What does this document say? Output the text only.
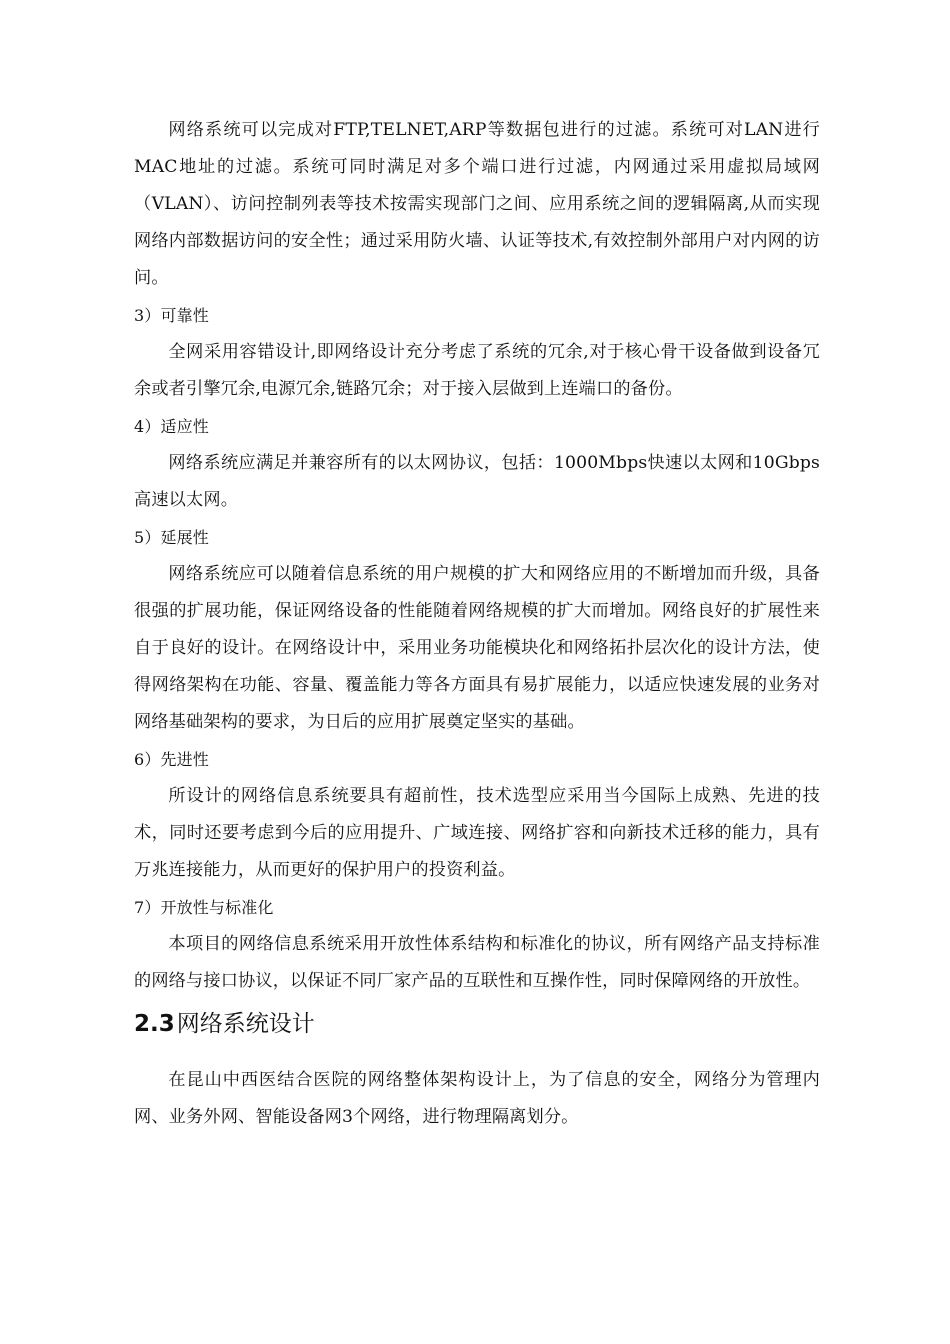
网络系统可以完成对FTP,TELNET,ARP等数据包进行的过滤。系统可对LAN进行MAC地址的过滤。系统可同时满足对多个端口进行过滤，内网通过采用虚拟局域网（VLAN）、访问控制列表等技术按需实现部门之间、应用系统之间的逻辑隔离,从而实现网络内部数据访问的安全性；通过采用防火墙、认证等技术,有效控制外部用户对内网的访问。

3）可靠性

全网采用容错设计,即网络设计充分考虑了系统的冗余,对于核心骨干设备做到设备冗余或者引擎冗余,电源冗余,链路冗余；对于接入层做到上连端口的备份。

4）适应性

网络系统应满足并兼容所有的以太网协议，包括：1000Mbps快速以太网和10Gbps高速以太网。

5）延展性

网络系统应可以随着信息系统的用户规模的扩大和网络应用的不断增加而升级，具备很强的扩展功能，保证网络设备的性能随着网络规模的扩大而增加。网络良好的扩展性来自于良好的设计。在网络设计中，采用业务功能模块化和网络拓扑层次化的设计方法，使得网络架构在功能、容量、覆盖能力等各方面具有易扩展能力，以适应快速发展的业务对网络基础架构的要求，为日后的应用扩展奠定坚实的基础。

6）先进性

所设计的网络信息系统要具有超前性，技术选型应采用当今国际上成熟、先进的技术，同时还要考虑到今后的应用提升、广域连接、网络扩容和向新技术迁移的能力，具有万兆连接能力，从而更好的保护用户的投资利益。

7）开放性与标准化

本项目的网络信息系统采用开放性体系结构和标准化的协议，所有网络产品支持标准的网络与接口协议，以保证不同厂家产品的互联性和互操作性，同时保障网络的开放性。

2.3网络系统设计

在昆山中西医结合医院的网络整体架构设计上，为了信息的安全，网络分为管理内网、业务外网、智能设备网3个网络，进行物理隔离划分。
